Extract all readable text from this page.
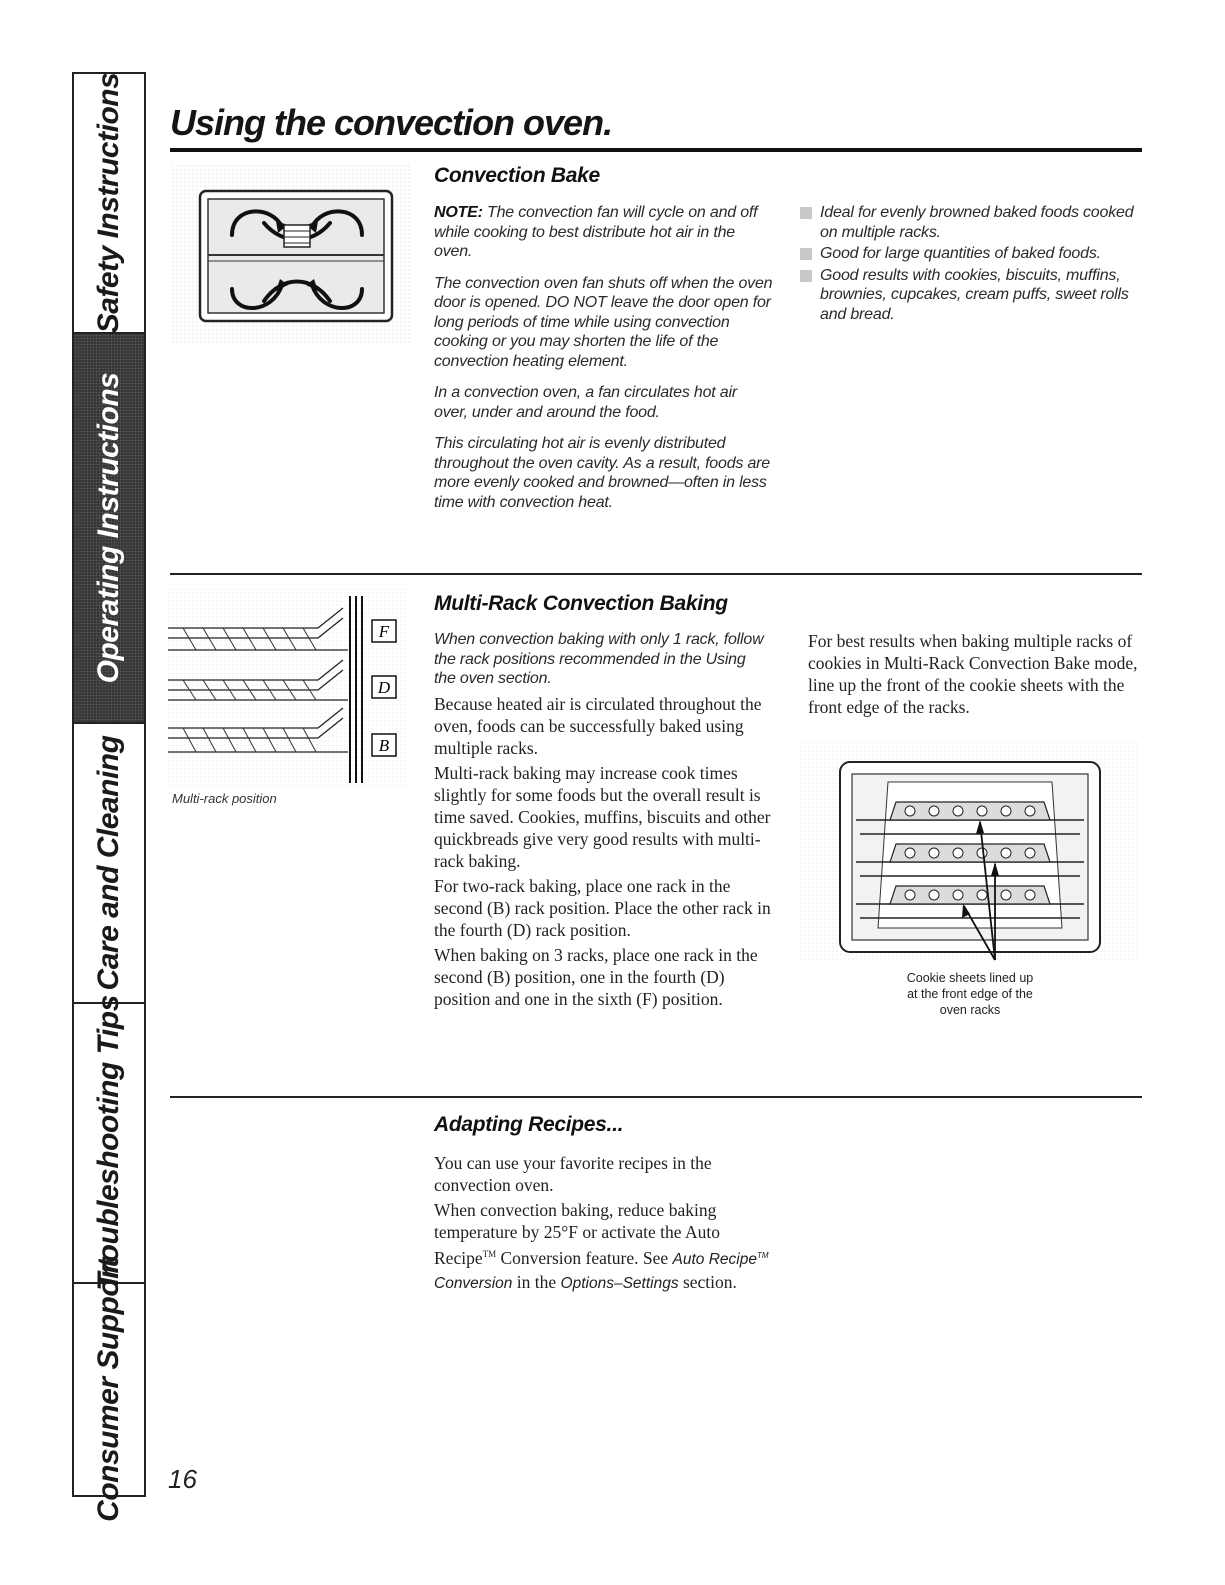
Safety Instructions
Operating Instructions
Care and Cleaning
Troubleshooting Tips
Consumer Support
Using the convection oven.
Convection Bake

NOTE: The convection fan will cycle on and off while cooking to best distribute hot air in the oven.

The convection oven fan shuts off when the oven door is opened. DO NOT leave the door open for long periods of time while using convection cooking or you may shorten the life of the convection heating element.

In a convection oven, a fan circulates hot air over, under and around the food.

This circulating hot air is evenly distributed throughout the oven cavity. As a result, foods are more evenly cooked and browned—often in less time with convection heat.

Ideal for evenly browned baked foods cooked on multiple racks.
Good for large quantities of baked foods.
Good results with cookies, biscuits, muffins, brownies, cupcakes, cream puffs, sweet rolls and bread.
F
D
B
Multi-rack position
Multi-Rack Convection Baking
When convection baking with only 1 rack, follow the rack positions recommended in the Using the oven section.

Because heated air is circulated throughout the oven, foods can be successfully baked using multiple racks.

Multi-rack baking may increase cook times slightly for some foods but the overall result is time saved. Cookies, muffins, biscuits and other quickbreads give very good results with multi-rack baking.

For two-rack baking, place one rack in the second (B) rack position. Place the other rack in the fourth (D) rack position.

When baking on 3 racks, place one rack in the second (B) position, one in the fourth (D) position and one in the sixth (F) position.

For best results when baking multiple racks of cookies in Multi-Rack Convection Bake mode, line up the front of the cookie sheets with the front edge of the racks.
Cookie sheets lined up at the front edge of the oven racks
Adapting Recipes...

You can use your favorite recipes in the convection oven.

When convection baking, reduce baking temperature by 25°F or activate the Auto Recipe™ Conversion feature. See Auto Recipe™ Conversion in the Options–Settings section.

16
